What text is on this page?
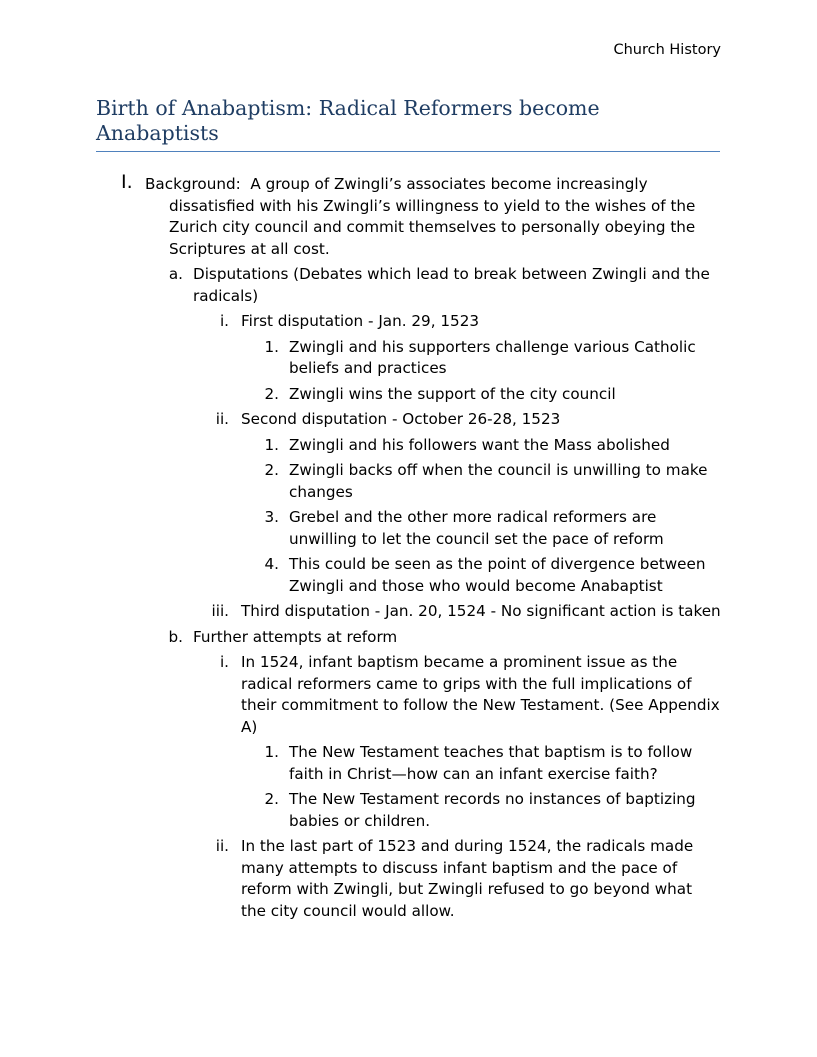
Church History
Birth of Anabaptism: Radical Reformers become Anabaptists
I. Background: A group of Zwingli’s associates become increasingly
dissatisfied with his Zwingli’s willingness to yield to the wishes of the Zurich city council and commit themselves to personally obeying the Scriptures at all cost.
a. Disputations (Debates which lead to break between Zwingli and the radicals)
i. First disputation - Jan. 29, 1523
1. Zwingli and his supporters challenge various Catholic beliefs and practices
2. Zwingli wins the support of the city council
ii. Second disputation - October 26-28, 1523
1. Zwingli and his followers want the Mass abolished
2. Zwingli backs off when the council is unwilling to make changes
3. Grebel and the other more radical reformers are unwilling to let the council set the pace of reform
4. This could be seen as the point of divergence between Zwingli and those who would become Anabaptist
iii. Third disputation - Jan. 20, 1524 - No significant action is taken
b. Further attempts at reform
i. In 1524, infant baptism became a prominent issue as the radical reformers came to grips with the full implications of their commitment to follow the New Testament. (See Appendix A)
1. The New Testament teaches that baptism is to follow faith in Christ—how can an infant exercise faith?
2. The New Testament records no instances of baptizing babies or children.
ii. In the last part of 1523 and during 1524, the radicals made many attempts to discuss infant baptism and the pace of reform with Zwingli, but Zwingli refused to go beyond what the city council would allow.
